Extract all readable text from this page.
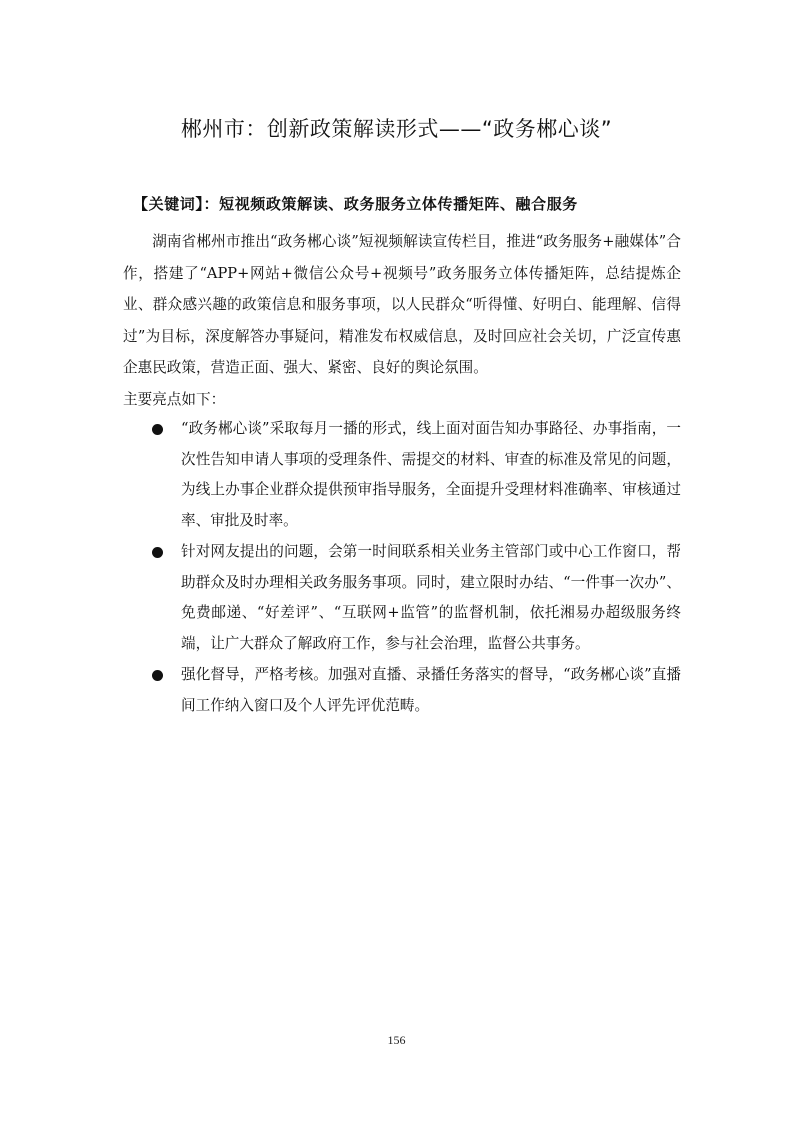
郴州市：创新政策解读形式——“政务郴心谈”
【关键词】：短视频政策解读、政务服务立体传播矩阵、融合服务

湖南省郴州市推出“政务郴心谈”短视频解读宣传栏目，推进“政务服务+融媒体”合作，搭建了“APP+网站+微信公众号+视频号”政务服务立体传播矩阵，总结提炼企业、群众感兴趣的政策信息和服务事项，以人民群众“听得懂、好明白、能理解、信得过”为目标，深度解答办事疑问，精准发布权威信息，及时回应社会关切，广泛宣传惠企惠民政策，营造正面、强大、紧密、良好的舆论氛围。

主要亮点如下：

“政务郴心谈”采取每月一播的形式，线上面对面告知办事路径、办事指南，一次性告知申请人事项的受理条件、需提交的材料、审查的标准及常见的问题，为线上办事企业群众提供预审指导服务，全面提升受理材料准确率、审核通过率、审批及时率。
针对网友提出的问题，会第一时间联系相关业务主管部门或中心工作窗口，帮助群众及时办理相关政务服务事项。同时，建立限时办结、“一件事一次办”、免费邮递、“好差评”、“互联网+监管”的监督机制，依托湘易办超级服务终端，让广大群众了解政府工作，参与社会治理，监督公共事务。
强化督导，严格考核。加强对直播、录播任务落实的督导，“政务郴心谈”直播间工作纳入窗口及个人评先评优范畴。
156
